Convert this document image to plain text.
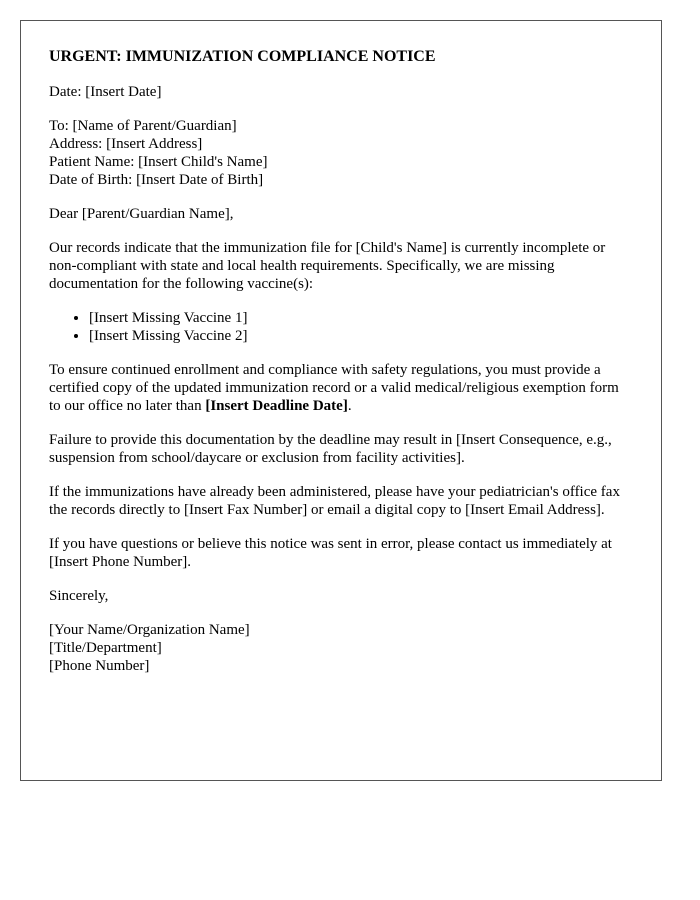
URGENT: IMMUNIZATION COMPLIANCE NOTICE

Date: [Insert Date]

To: [Name of Parent/Guardian]
Address: [Insert Address]
Patient Name: [Insert Child's Name]
Date of Birth: [Insert Date of Birth]

Dear [Parent/Guardian Name],

Our records indicate that the immunization file for [Child's Name] is currently incomplete or non-compliant with state and local health requirements. Specifically, we are missing documentation for the following vaccine(s):

• [Insert Missing Vaccine 1]
• [Insert Missing Vaccine 2]

To ensure continued enrollment and compliance with safety regulations, you must provide a certified copy of the updated immunization record or a valid medical/religious exemption form to our office no later than [Insert Deadline Date].

Failure to provide this documentation by the deadline may result in [Insert Consequence, e.g., suspension from school/daycare or exclusion from facility activities].

If the immunizations have already been administered, please have your pediatrician's office fax the records directly to [Insert Fax Number] or email a digital copy to [Insert Email Address].

If you have questions or believe this notice was sent in error, please contact us immediately at [Insert Phone Number].

Sincerely,

[Your Name/Organization Name]
[Title/Department]
[Phone Number]
